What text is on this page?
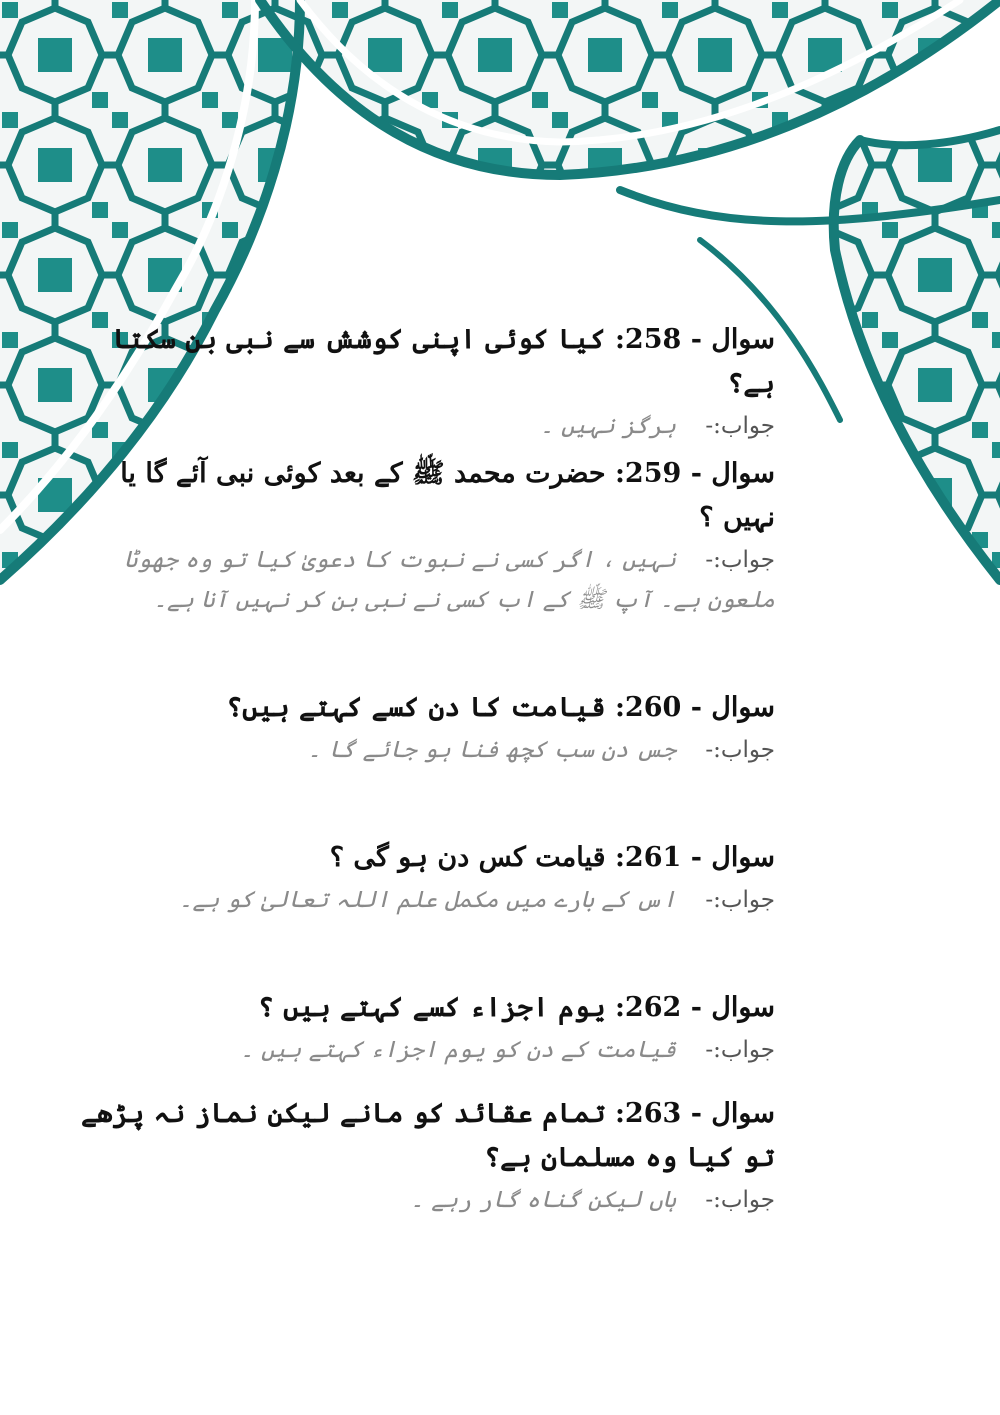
سوال - 258: کیا کوئی اپنی کوشش سے نبی بن سکتا ہے؟

جواب:-    ہرگز نہیں ۔

سوال - 259: حضرت محمد ﷺ کے بعد کوئی نبی آئے گا یا نہیں ؟

جواب:-    نہیں ، اگر کسی نے نبوت کا دعویٰ کیا تو وہ جھوٹا ملعون ہے۔ آپ ﷺ کے اب کسی نے نبی بن کر نہیں آنا ہے۔

سوال - 260: قیامت کا دن کسے کہتے ہیں؟

جواب:-    جس دن سب کچھ فنا ہو جائے گا ۔

سوال - 261: قیامت کس دن ہو گی ؟

جواب:-    اس کے بارے میں مکمل علم اللہ تعالیٰ کو ہے۔

سوال - 262: یوم اجزاء کسے کہتے ہیں ؟

جواب:-    قیامت کے دن کو یوم اجزاء کہتے ہیں ۔

سوال - 263: تمام عقائد کو مانے لیکن نماز نہ پڑھے تو کیا وہ مسلمان ہے؟

جواب:-    ہاں لیکن گناہ گار رہے ۔
